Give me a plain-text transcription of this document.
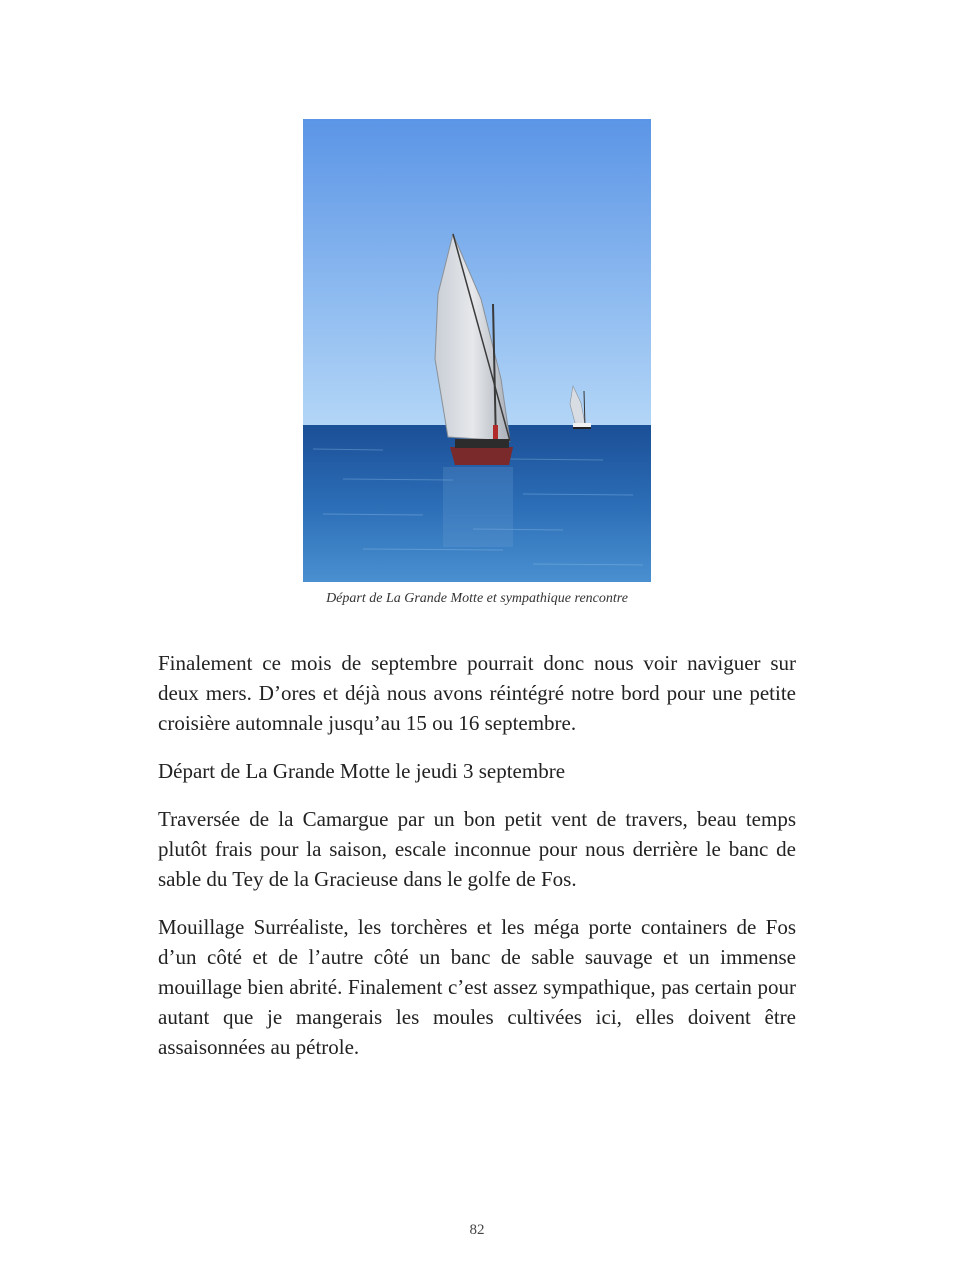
Départ de La Grande Motte et sympathique rencontre

Finalement ce mois de septembre pourrait donc nous voir naviguer sur deux mers. D’ores et déjà nous avons réintégré notre bord pour une petite croisière automnale jusqu’au 15 ou 16 septembre.

Départ de La Grande Motte le jeudi 3 septembre

Traversée de la Camargue par un bon petit vent de travers, beau temps plutôt frais pour la saison, escale inconnue pour nous derrière le banc de sable du Tey de la Gracieuse dans le golfe de Fos.

Mouillage Surréaliste, les torchères et les méga porte containers de Fos d’un côté et de l’autre côté un banc de sable sauvage et un immense mouillage bien abrité. Finalement c’est assez sympathique, pas certain pour autant que je mangerais les moules cultivées ici, elles doivent être assaisonnées au pétrole.

82
